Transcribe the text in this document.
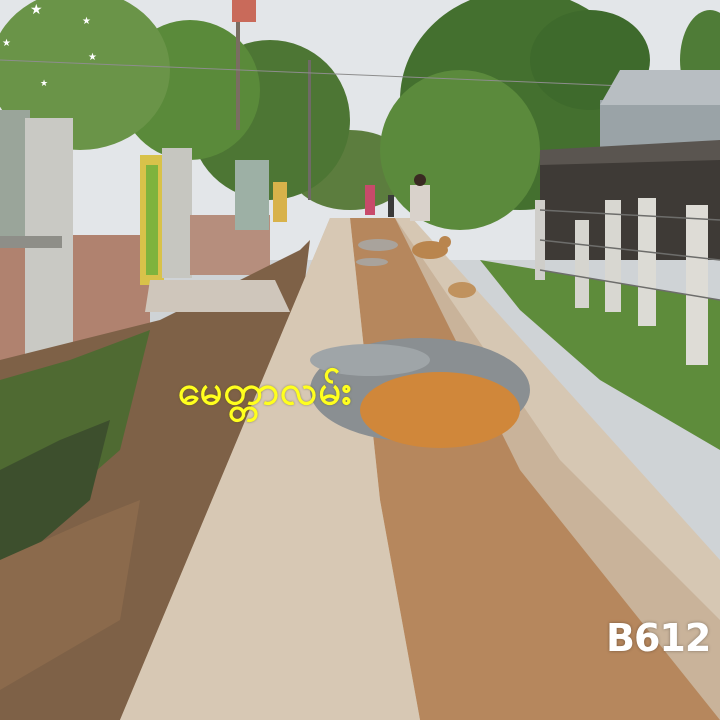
မေတ္တာလမ်း
★
★
★
★
★
B612
